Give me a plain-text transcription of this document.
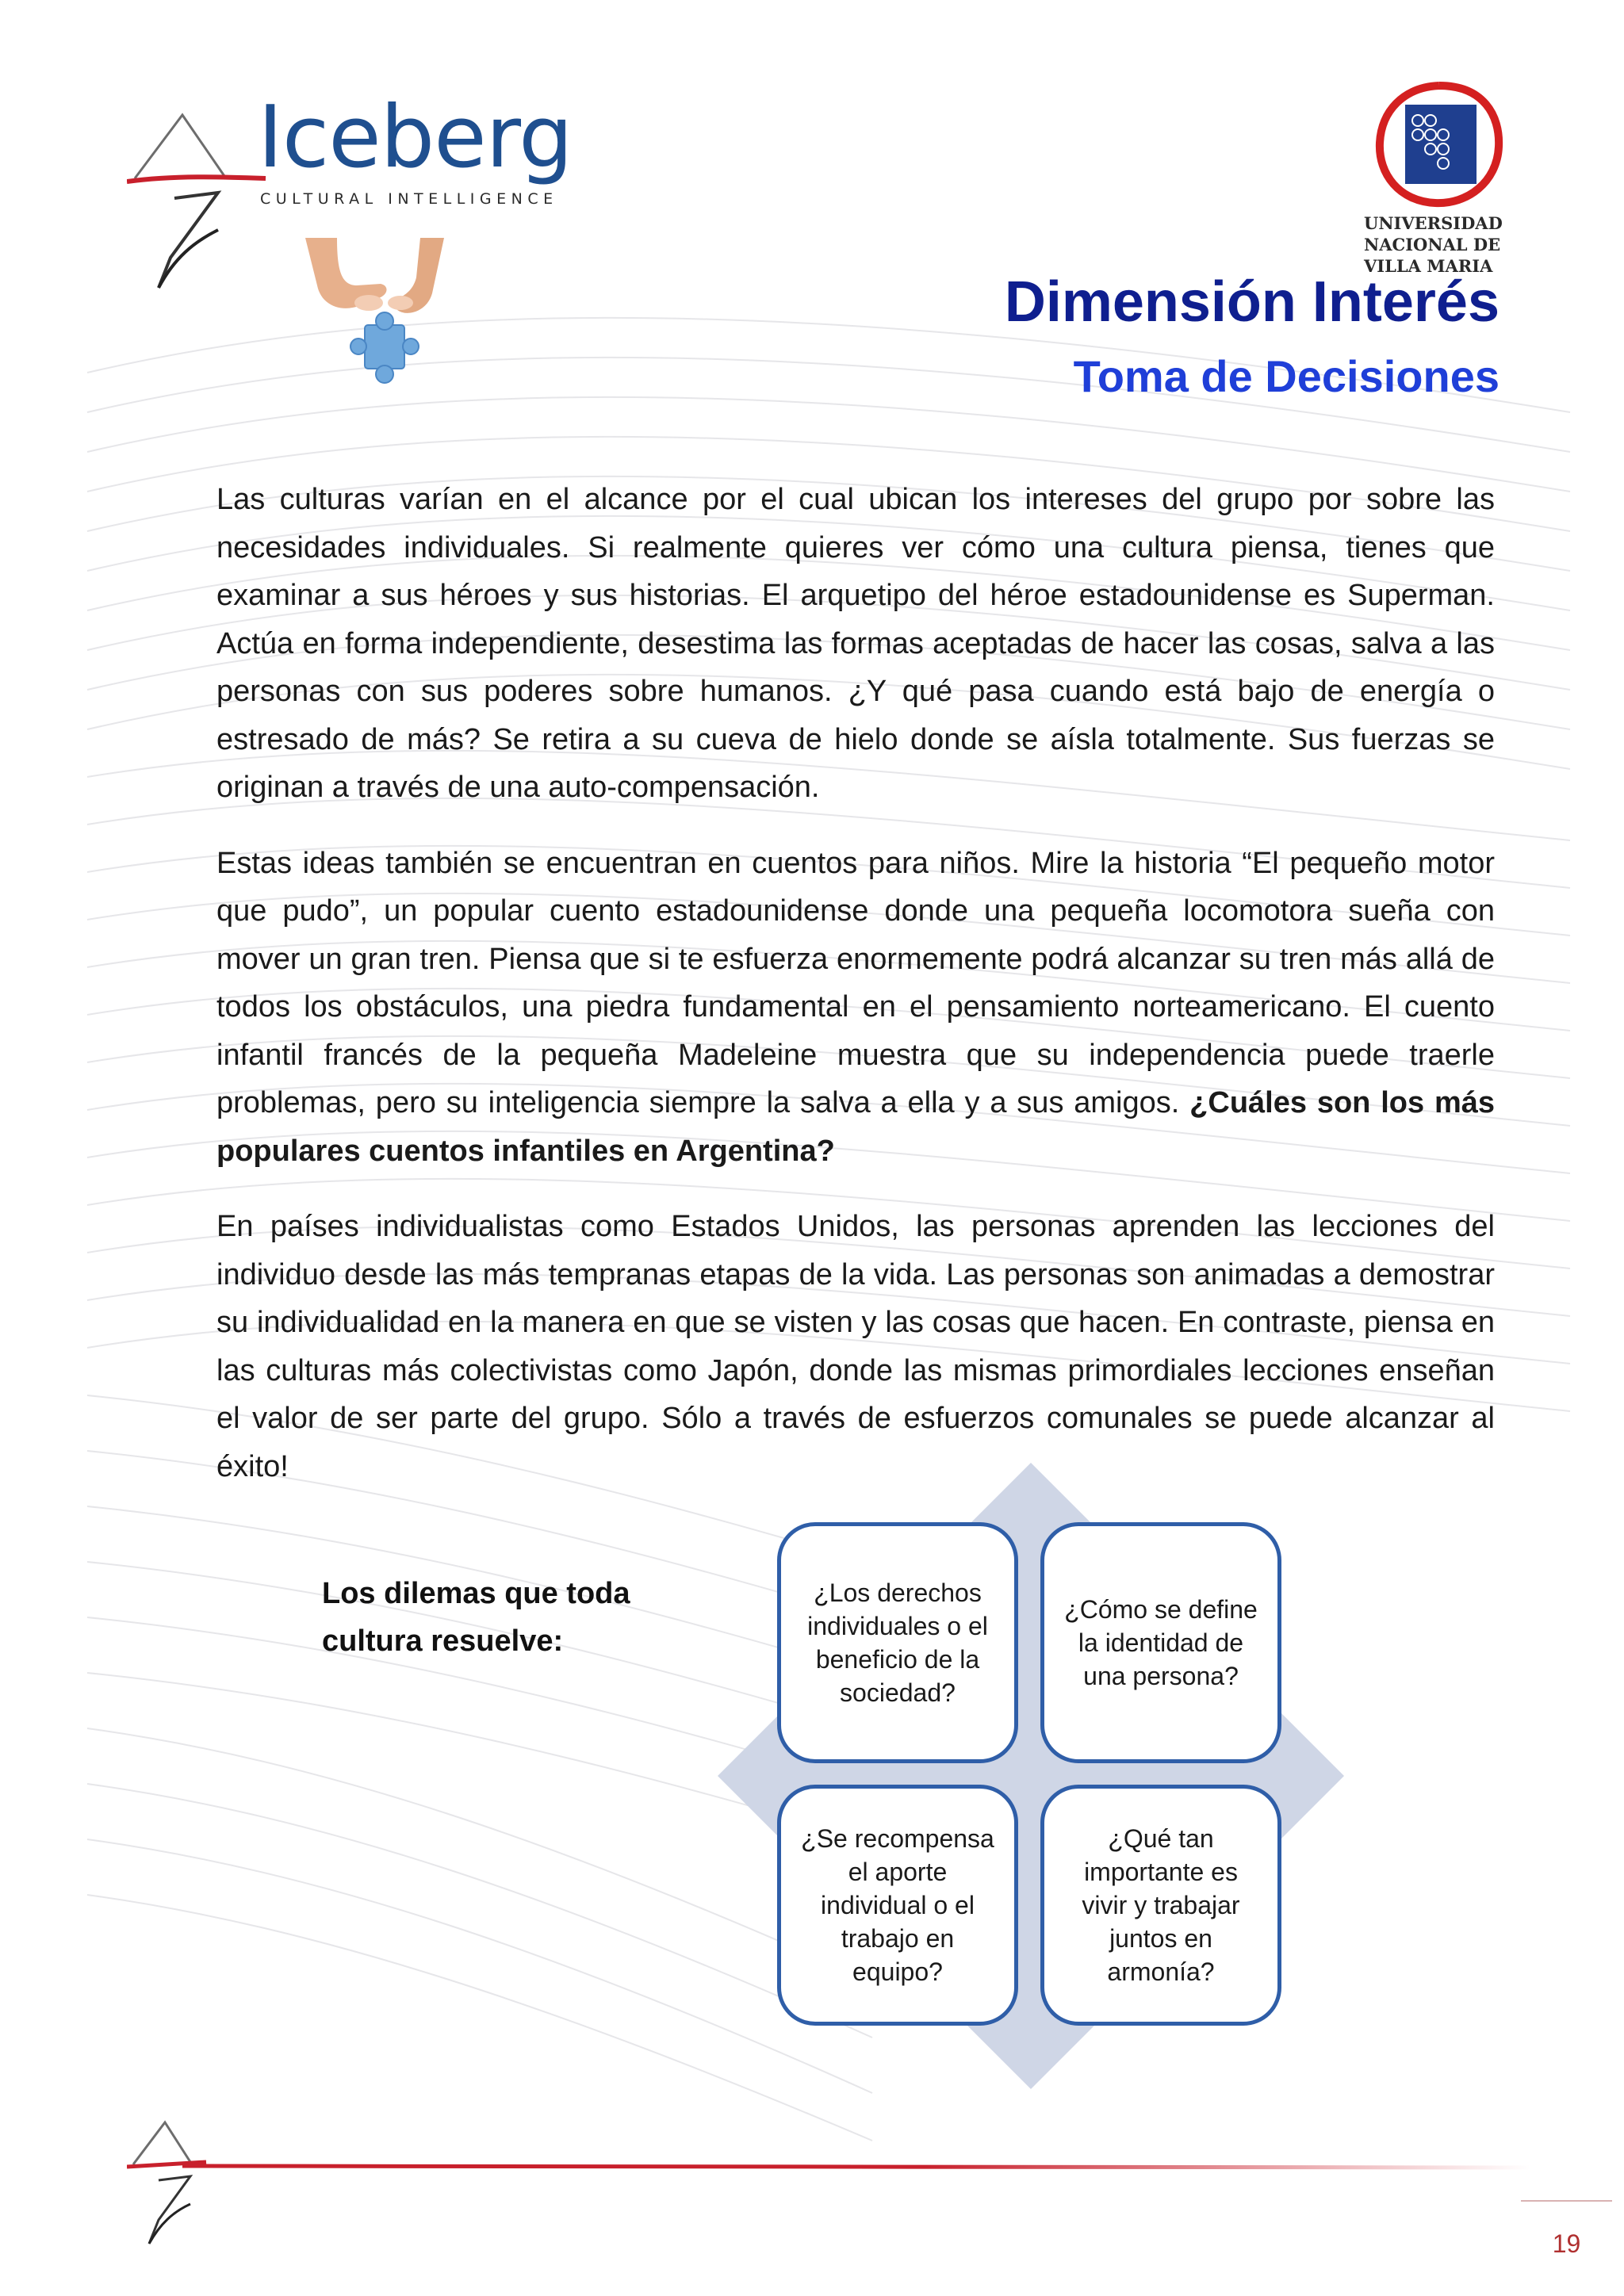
Iceberg
CULTURAL INTELLIGENCE
UNIVERSIDAD
NACIONAL DE
VILLA MARIA
Dimensión Interés
Toma de Decisiones

Las culturas varían en el alcance por el cual ubican los intereses del grupo por sobre las necesidades individuales. Si realmente quieres ver cómo una cultura piensa, tienes que examinar a sus héroes y sus historias. El arquetipo del héroe estadounidense es Superman. Actúa en forma independiente, desestima las formas aceptadas de hacer las cosas, salva a las personas con sus poderes sobre humanos. ¿Y qué pasa cuando está bajo de energía o estresado de más? Se retira a su cueva de hielo donde se aísla totalmente. Sus fuerzas se originan a través de una auto-compensación.

Estas ideas también se encuentran en cuentos para niños. Mire la historia “El pequeño motor que pudo”, un popular cuento estadounidense donde una pequeña locomotora sueña con mover un gran tren. Piensa que si te esfuerza enormemente podrá alcanzar su tren más allá de todos los obstáculos, una piedra fundamental en el pensamiento norteamericano. El cuento infantil francés de la pequeña Madeleine muestra que su independencia puede traerle problemas, pero su inteligencia siempre la salva a ella y a sus amigos. ¿Cuáles son los más populares cuentos infantiles en Argentina?

En países individualistas como Estados Unidos, las personas aprenden las lecciones del individuo desde las más tempranas etapas de la vida. Las personas son animadas a demostrar su individualidad en la manera en que se visten y las cosas que hacen. En contraste, piensa en las culturas más colectivistas como Japón, donde las mismas primordiales lecciones enseñan el valor de ser parte del grupo. Sólo a través de esfuerzos comunales se puede alcanzar al éxito!

Los dilemas que toda cultura resuelve:
¿Los derechos individuales o el beneficio de la sociedad?
¿Cómo se define la identidad de una persona?
¿Se recompensa el aporte individual o el trabajo en equipo?
¿Qué tan importante es vivir y trabajar juntos en armonía?
19
